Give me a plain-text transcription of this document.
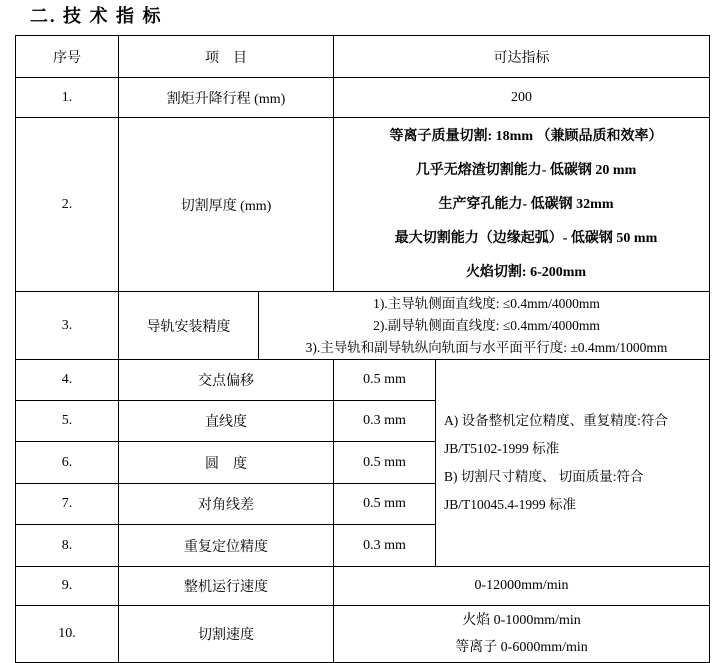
二. 技 术 指 标
序号	项　目		可达指标	
1.	割炬升降行程 (mm)		200	
2.	切割厚度 (mm)		等离子质量切割: 18mm （兼顾品质和效率）
几乎无熔渣切割能力- 低碳钢 20 mm
生产穿孔能力- 低碳钢 32mm
最大切割能力（边缘起弧）- 低碳钢 50 mm
火焰切割: 6-200mm	

3.	导轨安装精度	1).主导轨侧面直线度: ≤0.4mm/4000mm
2).副导轨侧面直线度: ≤0.4mm/4000mm
3).主导轨和副导轨纵向轨面与水平面平行度: ±0.4mm/1000mm		

4.	交点偏移		0.5 mm	A) 设备整机定位精度、重复精度:符合
JB/T5102-1999 标准
B) 切割尺寸精度、 切面质量:符合
JB/T10045.4-1999 标准

5.	直线度		0.3 mm	
6.	圆　度		0.5 mm	
7.	对角线差		0.5 mm	
8.	重复定位精度		0.3 mm	
9.	整机运行速度		0-12000mm/min	
10.	切割速度		火焰 0-1000mm/min
等离子 0-6000mm/min	
